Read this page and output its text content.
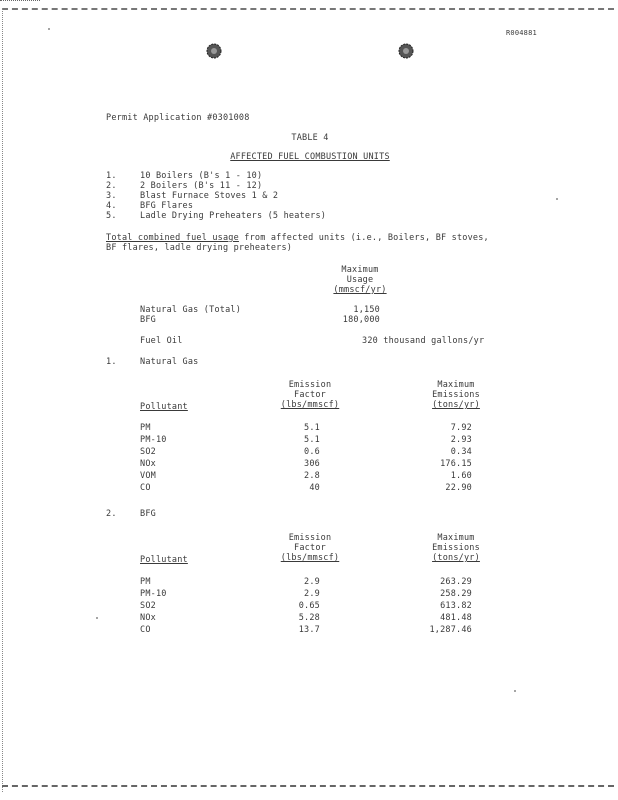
R004881
Permit Application #0301008
TABLE 4
AFFECTED FUEL COMBUSTION UNITS
1.	10 Boilers (B's 1 - 10)
2.	2 Boilers (B's 11 - 12)
3.	Blast Furnace Stoves 1 & 2
4.	BFG Flares
5.	Ladle Drying Preheaters (5 heaters)
Total combined fuel usage from affected units (i.e., Boilers, BF stoves,
BF flares, ladle drying preheaters)
Maximum
Usage
(mmscf/yr)
Natural Gas (Total)	1,150
BFG	180,000
Fuel Oil	320 thousand gallons/yr
1.	Natural Gas
Emission
Factor
(lbs/mmscf)
Maximum
Emissions
(tons/yr)
Pollutant
PM	5.1	7.92
PM-10	5.1	2.93
SO2	0.6	0.34
NOx	306	176.15
VOM	2.8	1.60
CO	40	22.90
2.	BFG
Emission
Factor
(lbs/mmscf)
Maximum
Emissions
(tons/yr)
Pollutant
PM	2.9	263.29
PM-10	2.9	258.29
SO2	0.65	613.82
NOx	5.28	481.48
CO	13.7	1,287.46
